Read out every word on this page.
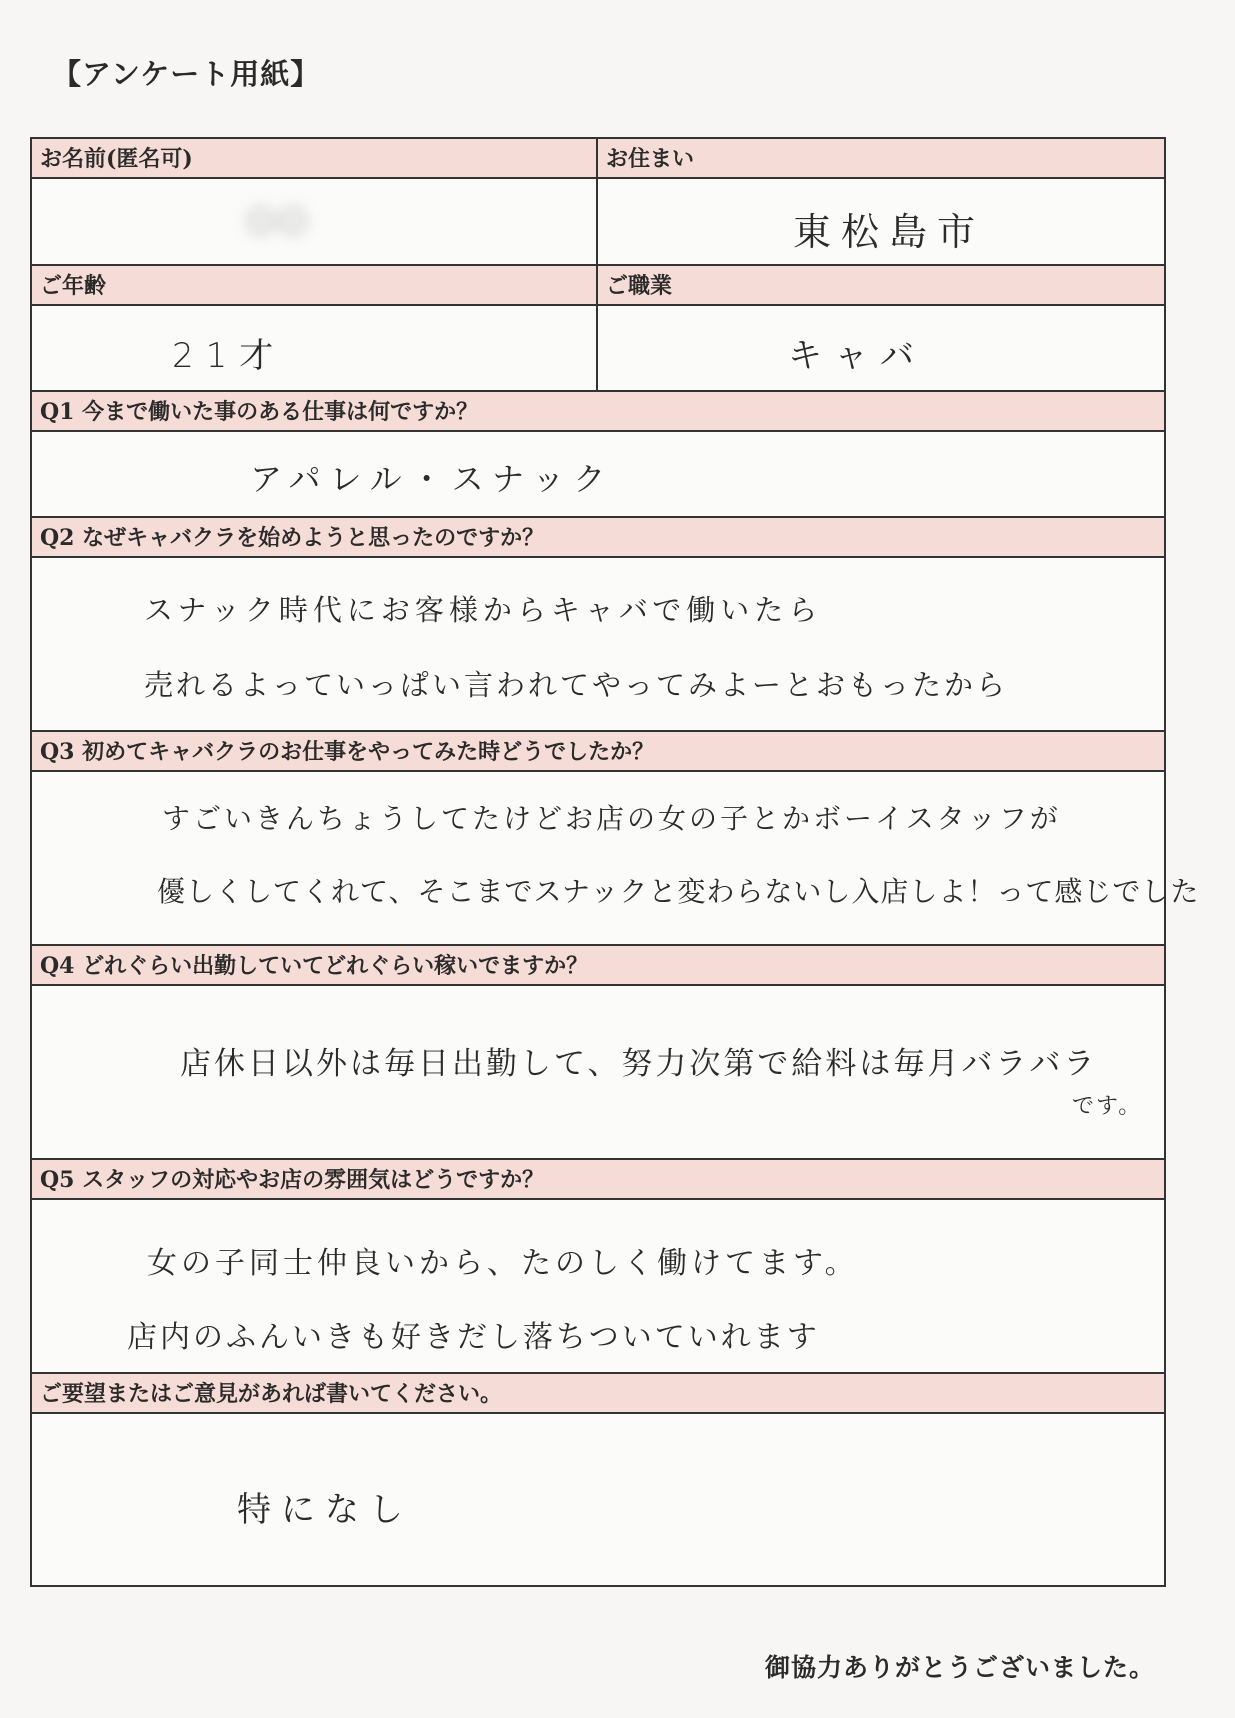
【アンケート用紙】
お名前(匿名可)
○○
お住まい
東松島市
ご年齢
21才
ご職業
キャバ
Q1 今まで働いた事のある仕事は何ですか？
アパレル・スナック
Q2 なぜキャバクラを始めようと思ったのですか？
スナック時代にお客様からキャバで働いたら
売れるよっていっぱい言われてやってみよーとおもったから
Q3 初めてキャバクラのお仕事をやってみた時どうでしたか？
すごいきんちょうしてたけどお店の女の子とかボーイスタッフが
優しくしてくれて、そこまでスナックと変わらないし入店しよ！って感じでした
Q4 どれぐらい出勤していてどれぐらい稼いでますか？
店休日以外は毎日出勤して、努力次第で給料は毎月バラバラ
です。
Q5 スタッフの対応やお店の雰囲気はどうですか？
女の子同士仲良いから、たのしく働けてます。
店内のふんいきも好きだし落ちついていれます
ご要望またはご意見があれば書いてください。
特になし
御協力ありがとうございました。
